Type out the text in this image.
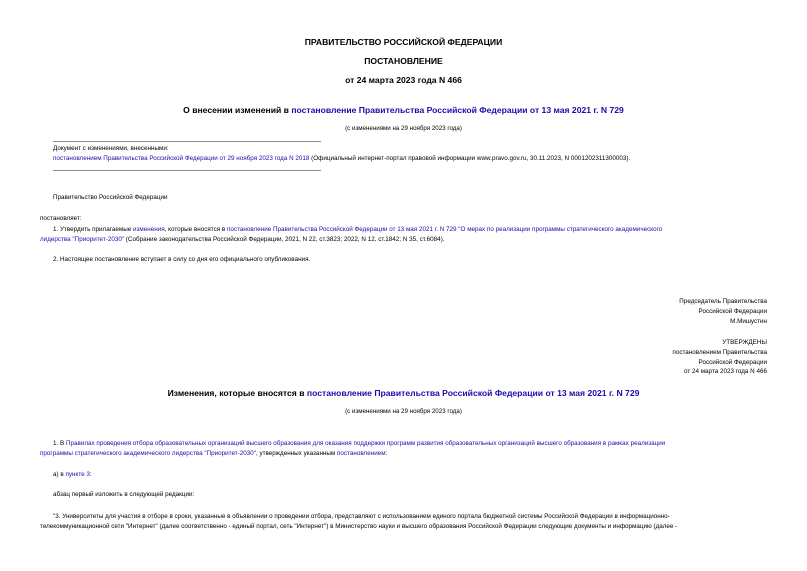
ПРАВИТЕЛЬСТВО РОССИЙСКОЙ ФЕДЕРАЦИИ
ПОСТАНОВЛЕНИЕ
от 24 марта 2023 года N 466
О внесении изменений в постановление Правительства Российской Федерации от 13 мая 2021 г. N 729
(с изменениями на 29 ноября 2023 года)
Документ с изменениями, внесенными:
постановлением Правительства Российской Федерации от 29 ноября 2023 года N 2018 (Официальный интернет-портал правовой информации www.pravo.gov.ru, 30.11.2023, N 0001202311300003).
Правительство Российской Федерации
постановляет:
1. Утвердить прилагаемые изменения, которые вносятся в постановление Правительства Российской Федерации от 13 мая 2021 г. N 729 "О мерах по реализации программы стратегического академического
лидерства "Приоритет-2030" (Собрание законодательства Российской Федерации, 2021, N 22, ст.3823; 2022, N 12, ст.1842; N 35, ст.6084).
2. Настоящее постановление вступает в силу со дня его официального опубликования.
Председатель Правительства
Российской Федерации
М.Мишустин
УТВЕРЖДЕНЫ
постановлением Правительства
Российской Федерации
от 24 марта 2023 года N 466
Изменения, которые вносятся в постановление Правительства Российской Федерации от 13 мая 2021 г. N 729
(с изменениями на 29 ноября 2023 года)
1. В Правилах проведения отбора образовательных организаций высшего образования для оказания поддержки программ развития образовательных организаций высшего образования в рамках реализации
программы стратегического академического лидерства "Приоритет-2030", утвержденных указанным постановлением:
а) в пункте 3:
абзац первый изложить в следующей редакции:
"3. Университеты для участия в отборе в сроки, указанные в объявлении о проведении отбора, представляют с использованием единого портала бюджетной системы Российской Федерации в информационно-
телекоммуникационной сети "Интернет" (далее соответственно - единый портал, сеть "Интернет") в Министерство науки и высшего образования Российской Федерации следующие документы и информацию (далее -
